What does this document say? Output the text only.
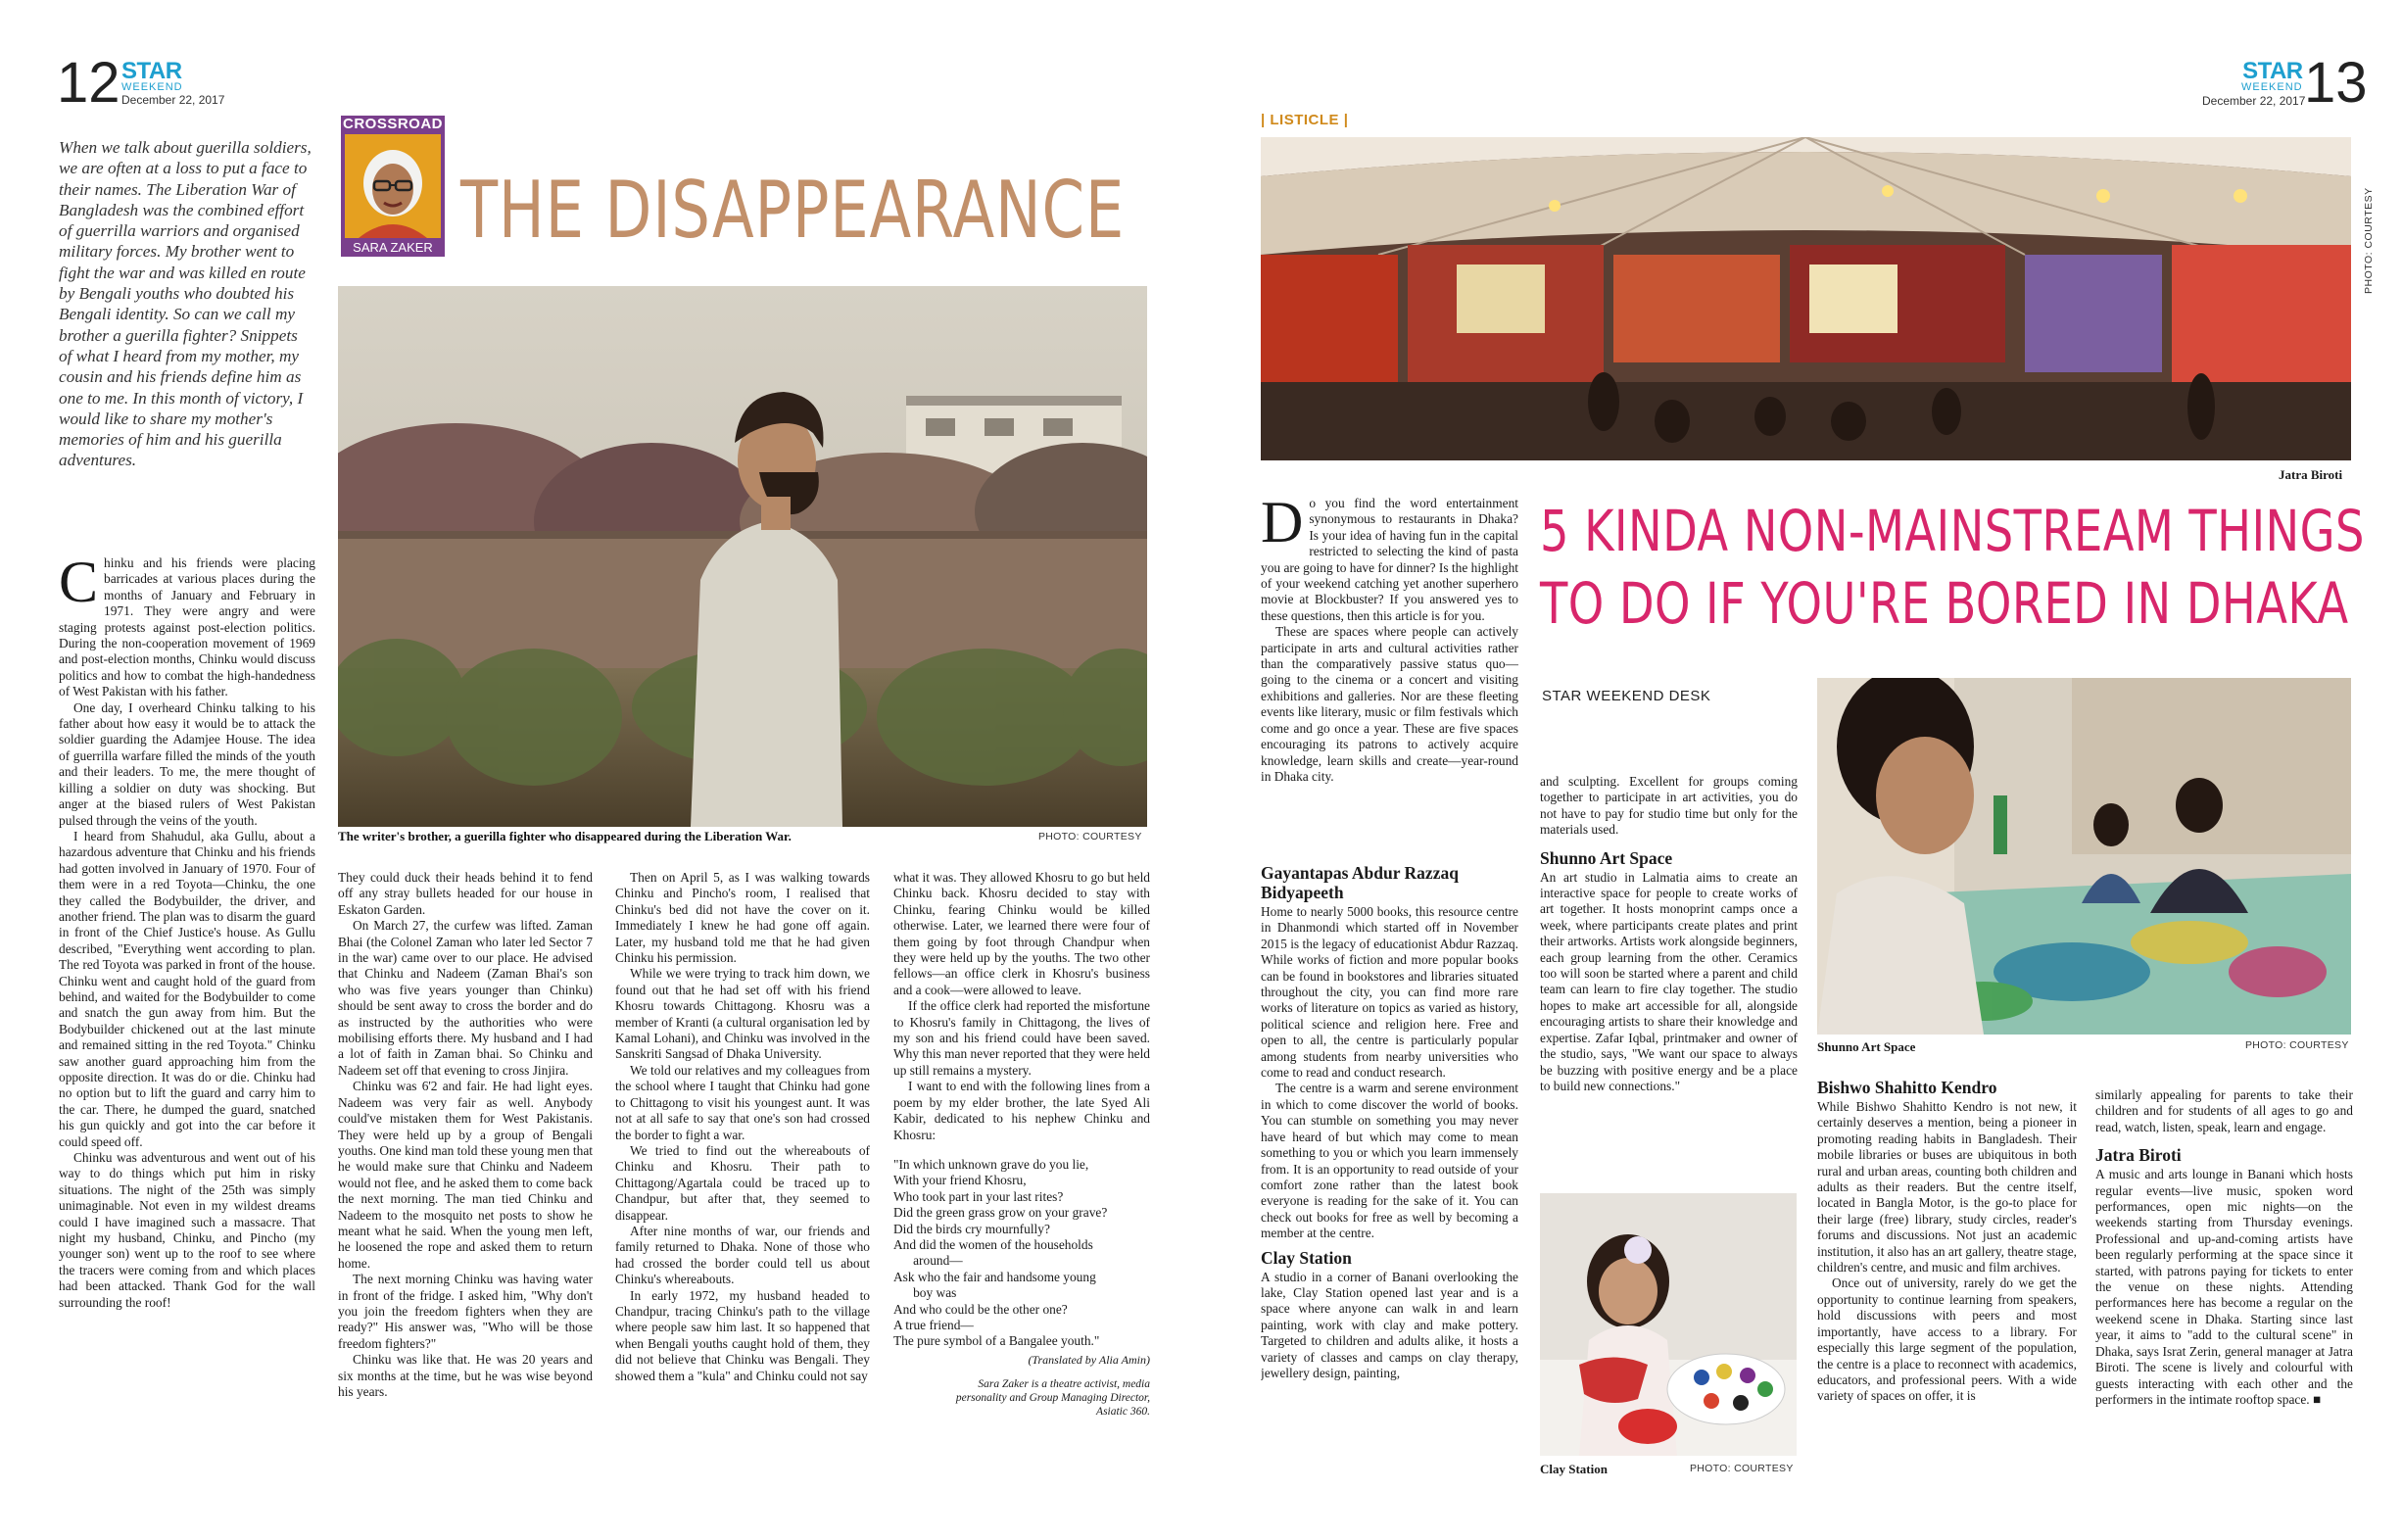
12 STAR
WEEKEND
December 22, 2017
When we talk about guerilla soldiers, we are often at a loss to put a face to their names. The Liberation War of Bangladesh was the combined effort of guerrilla warriors and organised military forces. My brother went to fight the war and was killed en route by Bengali youths who doubted his Bengali identity. So can we call my brother a guerilla fighter? Snippets of what I heard from my mother, my cousin and his friends define him as one to me. In this month of victory, I would like to share my mother's memories of him and his guerilla adventures.
CROSSROAD
SARA ZAKER THE DISAPPEARANCE
The writer's brother, a guerilla fighter who disappeared during the Liberation War.	PHOTO: COURTESY
C hinku and his friends were placing barricades at various places during the months of January and February in 1971. They were angry and were staging protests against post-election politics. During the non-cooperation movement of 1969 and post-election months, Chinku would discuss politics and how to combat the high-handedness of West Pakistan with his father.

One day, I overheard Chinku talking to his father about how easy it would be to attack the soldier guarding the Adamjee House. The idea of guerrilla warfare filled the minds of the youth and their leaders. To me, the mere thought of killing a soldier on duty was shocking. But anger at the biased rulers of West Pakistan pulsed through the veins of the youth.

I heard from Shahudul, aka Gullu, about a hazardous adventure that Chinku and his friends had gotten involved in January of 1970. Four of them were in a red Toyota—Chinku, the one they called the Bodybuilder, the driver, and another friend. The plan was to disarm the guard in front of the Chief Justice's house. As Gullu described, "Everything went according to plan. The red Toyota was parked in front of the house. Chinku went and caught hold of the guard from behind, and waited for the Bodybuilder to come and snatch the gun away from him. But the Bodybuilder chickened out at the last minute and remained sitting in the red Toyota." Chinku saw another guard approaching him from the opposite direction. It was do or die. Chinku had no option but to lift the guard and carry him to the car. There, he dumped the guard, snatched his gun quickly and got into the car before it could speed off.

Chinku was adventurous and went out of his way to do things which put him in risky situations. The night of the 25th was simply unimaginable. Not even in my wildest dreams could I have imagined such a massacre. That night my husband, Chinku, and Pincho (my younger son) went up to the roof to see where the tracers were coming from and which places had been attacked. Thank God for the wall surrounding the roof!

They could duck their heads behind it to fend off any stray bullets headed for our house in Eskaton Garden.

On March 27, the curfew was lifted. Zaman Bhai (the Colonel Zaman who later led Sector 7 in the war) came over to our place. He advised that Chinku and Nadeem (Zaman Bhai's son who was five years younger than Chinku) should be sent away to cross the border and do as instructed by the authorities who were mobilising efforts there. My husband and I had a lot of faith in Zaman bhai. So Chinku and Nadeem set off that evening to cross Jinjira.

Chinku was 6'2 and fair. He had light eyes. Nadeem was very fair as well. Anybody could've mistaken them for West Pakistanis. They were held up by a group of Bengali youths. One kind man told these young men that he would make sure that Chinku and Nadeem would not flee, and he asked them to come back the next morning. The man tied Chinku and Nadeem to the mosquito net posts to show he meant what he said. When the young men left, he loosened the rope and asked them to return home.

The next morning Chinku was having water in front of the fridge. I asked him, "Why don't you join the freedom fighters when they are ready?" His answer was, "Who will be those freedom fighters?"

Chinku was like that. He was 20 years and six months at the time, but he was wise beyond his years.

Then on April 5, as I was walking towards Chinku and Pincho's room, I realised that Chinku's bed did not have the cover on it. Immediately I knew he had gone off again. Later, my husband told me that he had given Chinku his permission.

While we were trying to track him down, we found out that he had set off with his friend Khosru towards Chittagong. Khosru was a member of Kranti (a cultural organisation led by Kamal Lohani), and Chinku was involved in the Sanskriti Sangsad of Dhaka University.

We told our relatives and my colleagues from the school where I taught that Chinku had gone to Chittagong to visit his youngest aunt. It was not at all safe to say that one's son had crossed the border to fight a war.

We tried to find out the whereabouts of Chinku and Khosru. Their path to Chittagong/Agartala could be traced up to Chandpur, but after that, they seemed to disappear.

After nine months of war, our friends and family returned to Dhaka. None of those who had crossed the border could tell us about Chinku's whereabouts.

In early 1972, my husband headed to Chandpur, tracing Chinku's path to the village where people saw him last. It so happened that when Bengali youths caught hold of them, they did not believe that Chinku was Bengali. They showed them a "kula" and Chinku could not say

what it was. They allowed Khosru to go but held Chinku back. Khosru decided to stay with Chinku, fearing Chinku would be killed otherwise. Later, we learned there were four of them going by foot through Chandpur when they were held up by the youths. The two other fellows—an office clerk in Khosru's business and a cook—were allowed to leave.

If the office clerk had reported the misfortune to Khosru's family in Chittagong, the lives of my son and his friend could have been saved. Why this man never reported that they were held up still remains a mystery.

I want to end with the following lines from a poem by my elder brother, the late Syed Ali Kabir, dedicated to his nephew Chinku and Khosru:

"In which unknown grave do you lie,
With your friend Khosru,
Who took part in your last rites?
Did the green grass grow on your grave?
Did the birds cry mournfully?
And did the women of the households
around—
Ask who the fair and handsome young
boy was
And who could be the other one?
A true friend—
The pure symbol of a Bangalee youth."
(Translated by Alia Amin)
Sara Zaker is a theatre activist, media personality and Group Managing Director, Asiatic 360.
STAR
WEEKEND
December 22, 2017
13
| LISTICLE |
PHOTO: COURTESY
Jatra Biroti
5 KINDA NON-MAINSTREAM THINGS
TO DO IF YOU'RE BORED IN DHAKA
STAR WEEKEND DESK
D o you find the word entertainment synonymous to restaurants in Dhaka? Is your idea of having fun in the capital restricted to selecting the kind of pasta you are going to have for dinner? Is the highlight of your weekend catching yet another superhero movie at Blockbuster? If you answered yes to these questions, then this article is for you.

These are spaces where people can actively participate in arts and cultural activities rather than the comparatively passive status quo—going to the cinema or a concert and visiting exhibitions and galleries. Nor are these fleeting events like literary, music or film festivals which come and go once a year. These are five spaces encouraging its patrons to actively acquire knowledge, learn skills and create—year-round in Dhaka city.

Gayantapas Abdur Razzaq Bidyapeeth

Home to nearly 5000 books, this resource centre in Dhanmondi which started off in November 2015 is the legacy of educationist Abdur Razzaq. While works of fiction and more popular books can be found in bookstores and libraries situated throughout the city, you can find more rare works of literature on topics as varied as history, political science and religion here. Free and open to all, the centre is particularly popular among students from nearby universities who come to read and conduct research.

The centre is a warm and serene environment in which to come discover the world of books. You can stumble on something you may never have heard of but which may come to mean something to you or which you learn immensely from. It is an opportunity to read outside of your comfort zone rather than the latest book everyone is reading for the sake of it. You can check out books for free as well by becoming a member at the centre.

Clay Station

A studio in a corner of Banani overlooking the lake, Clay Station opened last year and is a space where anyone can walk in and learn painting, work with clay and make pottery. Targeted to children and adults alike, it hosts a variety of classes and camps on clay therapy, jewellery design, painting,

and sculpting. Excellent for groups coming together to participate in art activities, you do not have to pay for studio time but only for the materials used.

Shunno Art Space

An art studio in Lalmatia aims to create an interactive space for people to create works of art together. It hosts monoprint camps once a week, where participants create plates and print their artworks. Artists work alongside beginners, each group learning from the other. Ceramics too will soon be started where a parent and child team can learn to fire clay together. The studio hopes to make art accessible for all, alongside encouraging artists to share their knowledge and expertise. Zafar Iqbal, printmaker and owner of the studio, says, "We want our space to always be buzzing with positive energy and be a place to build new connections."

Clay Station	PHOTO: COURTESY
Shunno Art Space	PHOTO: COURTESY
Bishwo Shahitto Kendro

While Bishwo Shahitto Kendro is not new, it certainly deserves a mention, being a pioneer in promoting reading habits in Bangladesh. Their mobile libraries or buses are ubiquitous in both rural and urban areas, counting both children and adults as their readers. But the centre itself, located in Bangla Motor, is the go-to place for their large (free) library, study circles, reader's forums and discussions. Not just an academic institution, it also has an art gallery, theatre stage, children's centre, and music and film archives.

Once out of university, rarely do we get the opportunity to continue learning from speakers, hold discussions with peers and most importantly, have access to a library. For especially this large segment of the population, the centre is a place to reconnect with academics, educators, and professional peers. With a wide variety of spaces on offer, it is

similarly appealing for parents to take their children and for students of all ages to go and read, watch, listen, speak, learn and engage.

Jatra Biroti

A music and arts lounge in Banani which hosts regular events—live music, spoken word performances, open mic nights—on the weekends starting from Thursday evenings. Professional and up-and-coming artists have been regularly performing at the space since it started, with patrons paying for tickets to enter the venue on these nights. Attending performances here has become a regular on the weekend scene in Dhaka. Starting since last year, it aims to "add to the cultural scene" in Dhaka, says Israt Zerin, general manager at Jatra Biroti. The scene is lively and colourful with guests interacting with each other and the performers in the intimate rooftop space. ■
